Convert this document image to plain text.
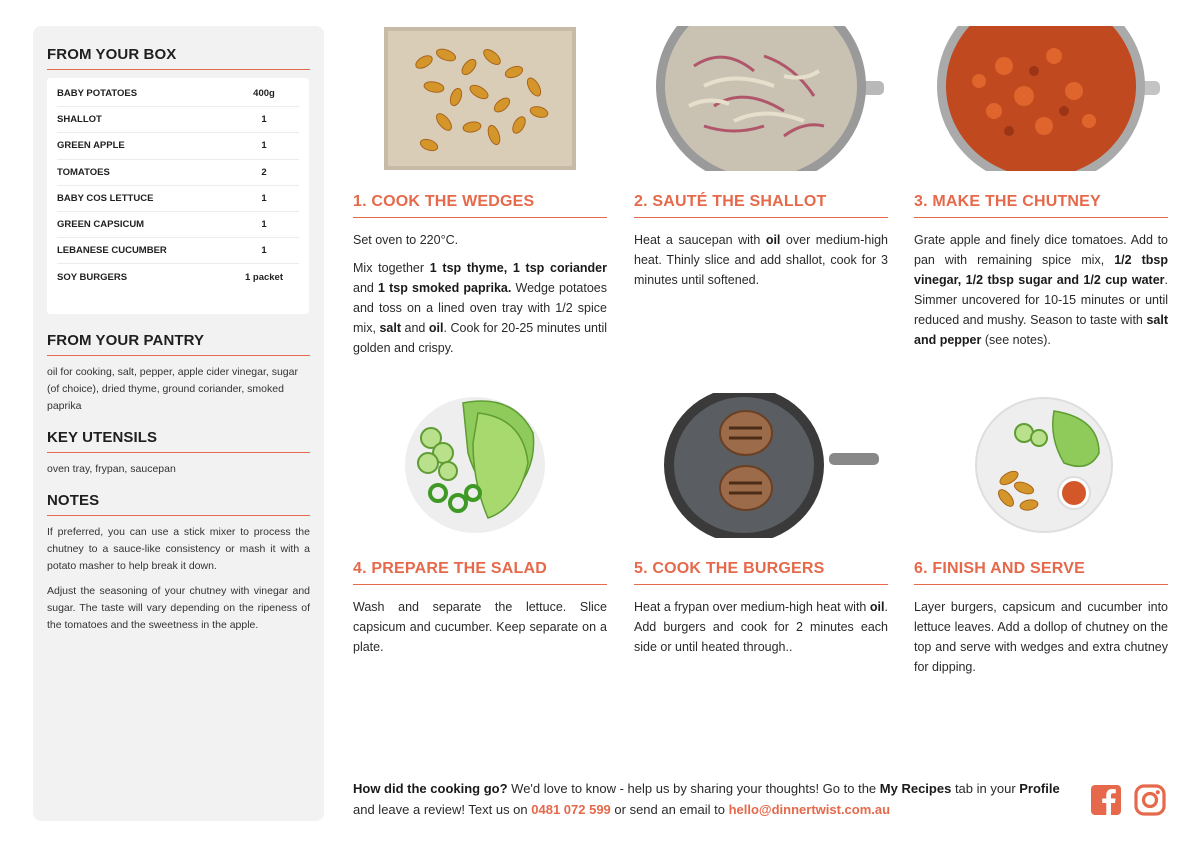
FROM YOUR BOX
BABY POTATOES	400g
SHALLOT	1
GREEN APPLE	1
TOMATOES	2
BABY COS LETTUCE	1
GREEN CAPSICUM	1
LEBANESE CUCUMBER	1
SOY BURGERS	1 packet
FROM YOUR PANTRY
oil for cooking, salt, pepper, apple cider vinegar, sugar (of choice), dried thyme, ground coriander, smoked paprika
KEY UTENSILS
oven tray, frypan, saucepan
NOTES

If preferred, you can use a stick mixer to process the chutney to a sauce-like consistency or mash it with a potato masher to help break it down.

Adjust the seasoning of your chutney with vinegar and sugar. The taste will vary depending on the ripeness of the tomatoes and the sweetness in the apple.

1. COOK THE WEDGES

Set oven to 220°C.

Mix together 1 tsp thyme, 1 tsp coriander and 1 tsp smoked paprika. Wedge potatoes and toss on a lined oven tray with 1/2 spice mix, salt and oil. Cook for 20-25 minutes until golden and crispy.

2. SAUTÉ THE SHALLOT

Heat a saucepan with oil over medium-high heat. Thinly slice and add shallot, cook for 3 minutes until softened.

3. MAKE THE CHUTNEY

Grate apple and finely dice tomatoes. Add to pan with remaining spice mix, 1/2 tbsp vinegar, 1/2 tbsp sugar and 1/2 cup water. Simmer uncovered for 10-15 minutes or until reduced and mushy. Season to taste with salt and pepper (see notes).

4. PREPARE THE SALAD

Wash and separate the lettuce. Slice capsicum and cucumber. Keep separate on a plate.

5. COOK THE BURGERS

Heat a frypan over medium-high heat with oil. Add burgers and cook for 2 minutes each side or until heated through..

6. FINISH AND SERVE

Layer burgers, capsicum and cucumber into lettuce leaves. Add a dollop of chutney on the top and serve with wedges and extra chutney for dipping.

How did the cooking go? We'd love to know - help us by sharing your thoughts! Go to the My Recipes tab in your Profile and leave a review! Text us on 0481 072 599 or send an email to hello@dinnertwist.com.au
